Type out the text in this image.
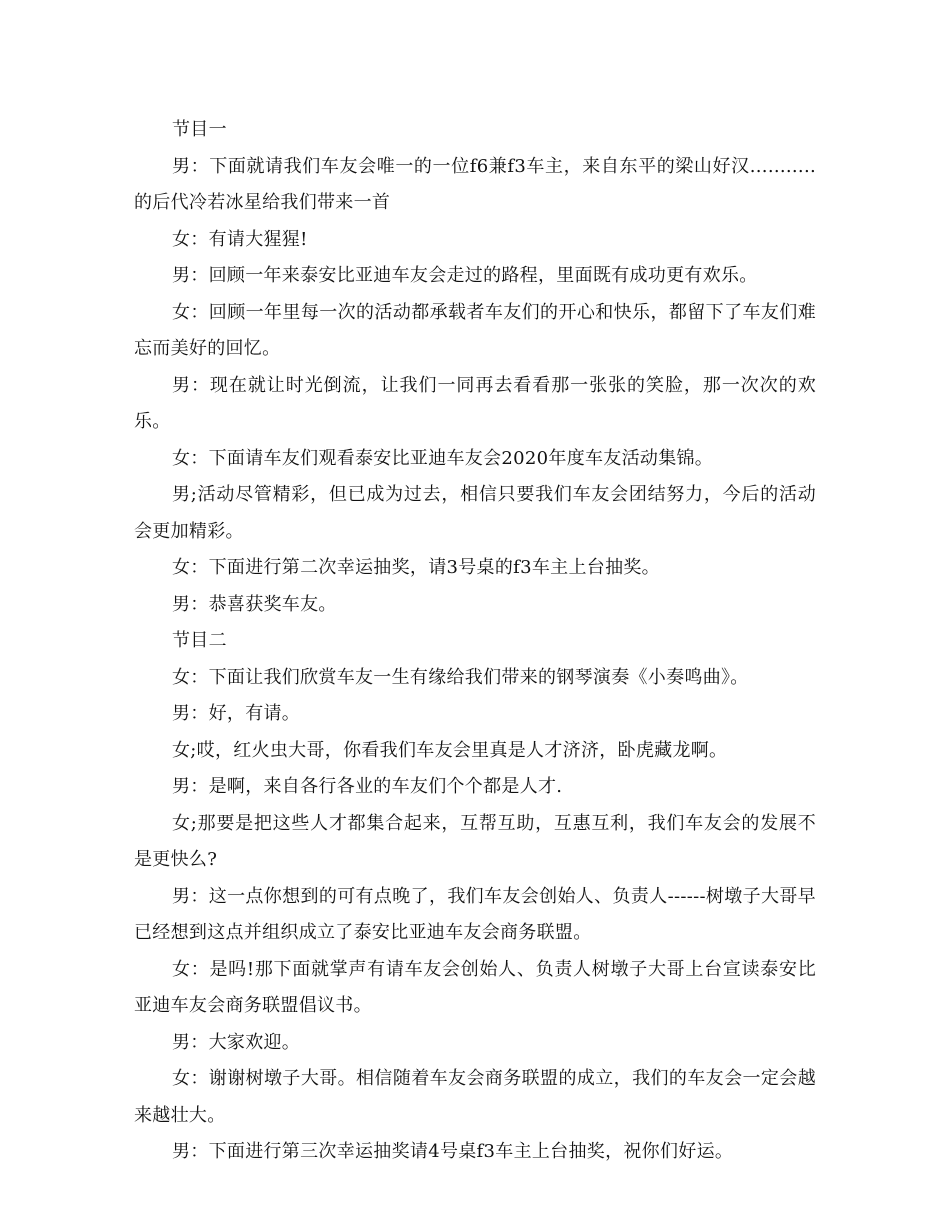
节目一

男：下面就请我们车友会唯一的一位f6兼f3车主，来自东平的梁山好汉...........的后代冷若冰星给我们带来一首

女：有请大猩猩!

男：回顾一年来泰安比亚迪车友会走过的路程，里面既有成功更有欢乐。

女：回顾一年里每一次的活动都承载者车友们的开心和快乐，都留下了车友们难忘而美好的回忆。

男：现在就让时光倒流，让我们一同再去看看那一张张的笑脸，那一次次的欢乐。

女：下面请车友们观看泰安比亚迪车友会2020年度车友活动集锦。

男;活动尽管精彩，但已成为过去，相信只要我们车友会团结努力，今后的活动会更加精彩。

女：下面进行第二次幸运抽奖，请3号桌的f3车主上台抽奖。

男：恭喜获奖车友。

节目二

女：下面让我们欣赏车友一生有缘给我们带来的钢琴演奏《小奏鸣曲》。

男：好，有请。

女;哎，红火虫大哥，你看我们车友会里真是人才济济，卧虎藏龙啊。

男：是啊，来自各行各业的车友们个个都是人才.

女;那要是把这些人才都集合起来，互帮互助，互惠互利，我们车友会的发展不是更快么?

男：这一点你想到的可有点晚了，我们车友会创始人、负责人------树墩子大哥早已经想到这点并组织成立了泰安比亚迪车友会商务联盟。

女：是吗!那下面就掌声有请车友会创始人、负责人树墩子大哥上台宣读泰安比亚迪车友会商务联盟倡议书。

男：大家欢迎。

女：谢谢树墩子大哥。相信随着车友会商务联盟的成立，我们的车友会一定会越来越壮大。

男：下面进行第三次幸运抽奖请4号桌f3车主上台抽奖，祝你们好运。
